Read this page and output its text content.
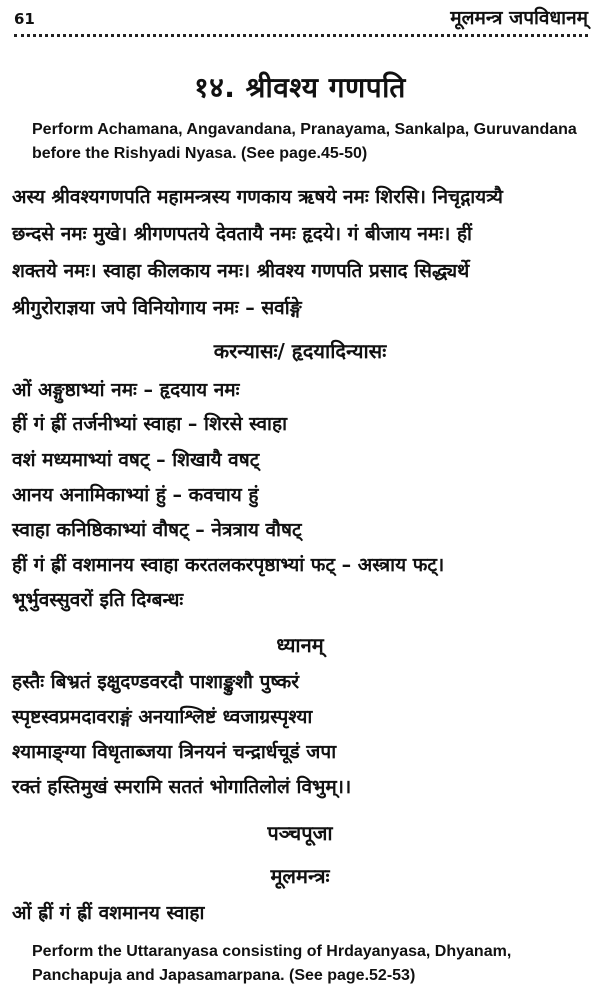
61	मूलमन्त्र जपविधानम्
१४. श्रीवश्य गणपति
Perform Achamana, Angavandana, Pranayama, Sankalpa, Guruvandana
before the Rishyadi Nyasa. (See page.45-50)
अस्य श्रीवश्यगणपति महामन्त्रस्य गणकाय ऋषये नमः शिरसि। निचृद्गायत्र्यै
छन्दसे नमः मुखे। श्रीगणपतये देवतायै नमः हृदये। गं बीजाय नमः। हीं
शक्तये नमः। स्वाहा कीलकाय नमः। श्रीवश्य गणपति प्रसाद सिद्ध्यर्थे
श्रीगुरोराज्ञया जपे विनियोगाय नमः – सर्वाङ्गे
करन्यासः/ हृदयादिन्यासः
ओं अङ्गुष्ठाभ्यां नमः – हृदयाय नमः
हीं गं ह्रीं तर्जनीभ्यां स्वाहा – शिरसे स्वाहा
वशं मध्यमाभ्यां वषट् – शिखायै वषट्
आनय अनामिकाभ्यां हुं – कवचाय हुं
स्वाहा कनिष्ठिकाभ्यां वौषट् – नेत्रत्राय वौषट्
हीं गं ह्रीं वशमानय स्वाहा करतलकरपृष्ठाभ्यां फट् – अस्त्राय फट्।
भूर्भुवस्सुवरों इति दिग्बन्धः
ध्यानम्
हस्तैः बिभ्रतं इक्षुदण्डवरदौ पाशाङ्कुशौ पुष्करं
स्पृष्टस्वप्रमदावराङ्गं अनयाश्लिष्टं ध्वजाग्रस्पृश्या
श्यामाङ्ग्या विधृताब्जया त्रिनयनं चन्द्रार्धचूडं जपा
रक्तं हस्तिमुखं स्मरामि सततं भोगातिलोलं विभुम्।।
पञ्चपूजा
मूलमन्त्रः
ओं ह्रीं गं ह्रीं वशमानय स्वाहा
Perform the Uttaranyasa consisting of Hrdayanyasa, Dhyanam,
Panchapuja and Japasamarpana. (See page.52-53)
